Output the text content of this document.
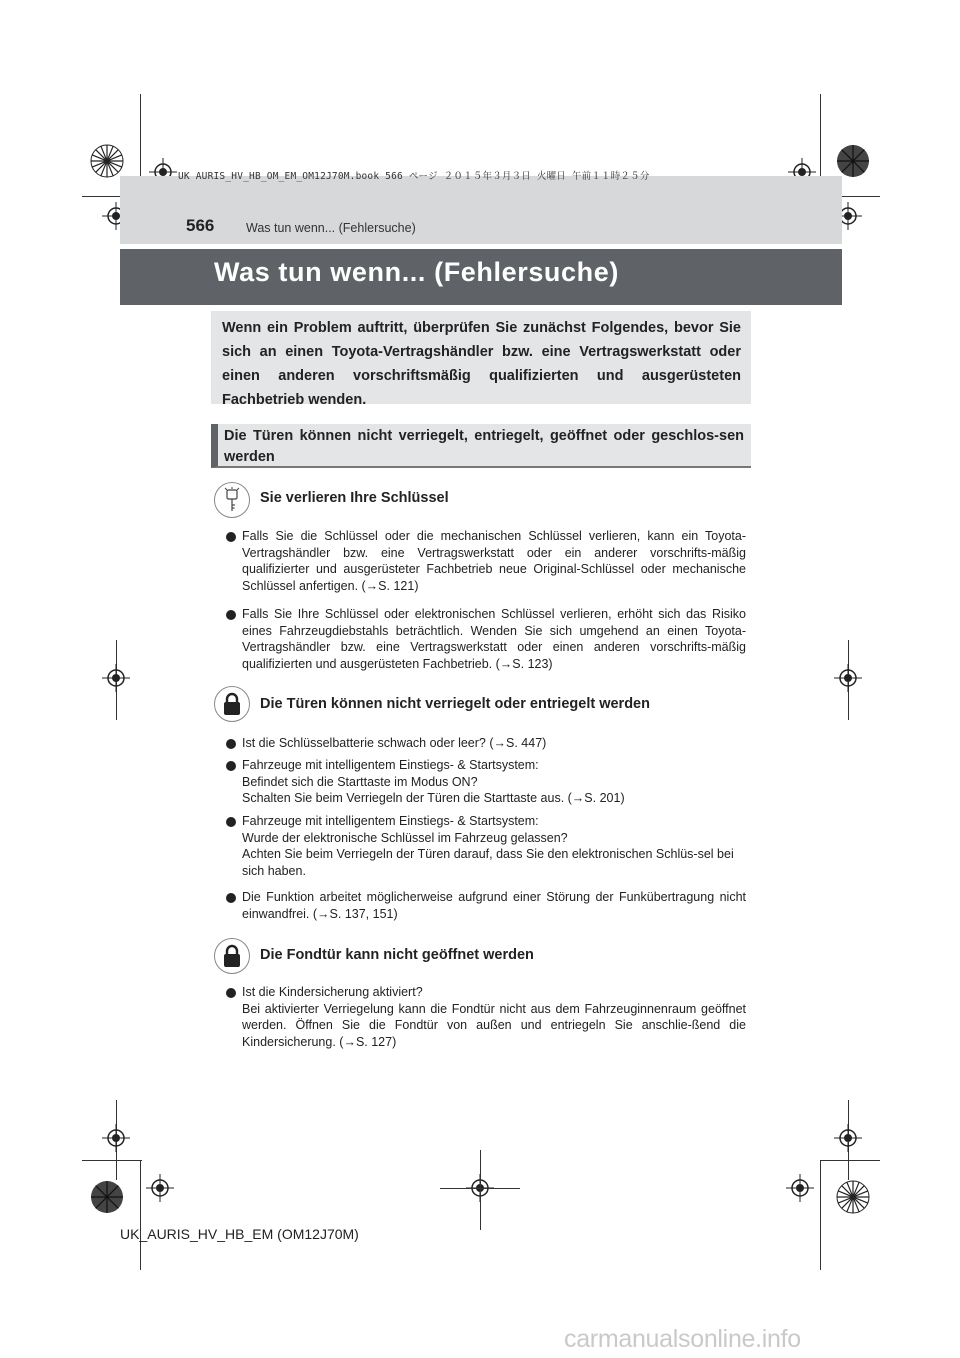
UK AURIS_HV_HB_OM_EM_OM12J70M.book 566 ページ ２０１５年３月３日 火曜日 午前１１時２５分
566	Was tun wenn... (Fehlersuche)
Was tun wenn... (Fehlersuche)
Wenn ein Problem auftritt, überprüfen Sie zunächst Folgendes, bevor Sie sich an einen Toyota-Vertragshändler bzw. eine Vertragswerkstatt oder einen anderen vorschriftsmäßig qualifizierten und ausgerüsteten Fachbetrieb wenden.
Die Türen können nicht verriegelt, entriegelt, geöffnet oder geschlos-sen werden
Sie verlieren Ihre Schlüssel
Falls Sie die Schlüssel oder die mechanischen Schlüssel verlieren, kann ein Toyota-Vertragshändler bzw. eine Vertragswerkstatt oder ein anderer vorschrifts-mäßig qualifizierter und ausgerüsteter Fachbetrieb neue Original-Schlüssel oder mechanische Schlüssel anfertigen. (→S. 121)
Falls Sie Ihre Schlüssel oder elektronischen Schlüssel verlieren, erhöht sich das Risiko eines Fahrzeugdiebstahls beträchtlich. Wenden Sie sich umgehend an einen Toyota-Vertragshändler bzw. eine Vertragswerkstatt oder einen anderen vorschrifts-mäßig qualifizierten und ausgerüsteten Fachbetrieb. (→S. 123)
Die Türen können nicht verriegelt oder entriegelt werden
Ist die Schlüsselbatterie schwach oder leer? (→S. 447)
Fahrzeuge mit intelligentem Einstiegs- & Startsystem:
Befindet sich die Starttaste im Modus ON?
Schalten Sie beim Verriegeln der Türen die Starttaste aus. (→S. 201)
Fahrzeuge mit intelligentem Einstiegs- & Startsystem:
Wurde der elektronische Schlüssel im Fahrzeug gelassen?
Achten Sie beim Verriegeln der Türen darauf, dass Sie den elektronischen Schlüs-sel bei sich haben.
Die Funktion arbeitet möglicherweise aufgrund einer Störung der Funkübertragung nicht einwandfrei. (→S. 137, 151)
Die Fondtür kann nicht geöffnet werden
Ist die Kindersicherung aktiviert?
Bei aktivierter Verriegelung kann die Fondtür nicht aus dem Fahrzeuginnenraum geöffnet werden. Öffnen Sie die Fondtür von außen und entriegeln Sie anschlie-ßend die Kindersicherung. (→S. 127)
UK_AURIS_HV_HB_EM (OM12J70M)
carmanualsonline.info
